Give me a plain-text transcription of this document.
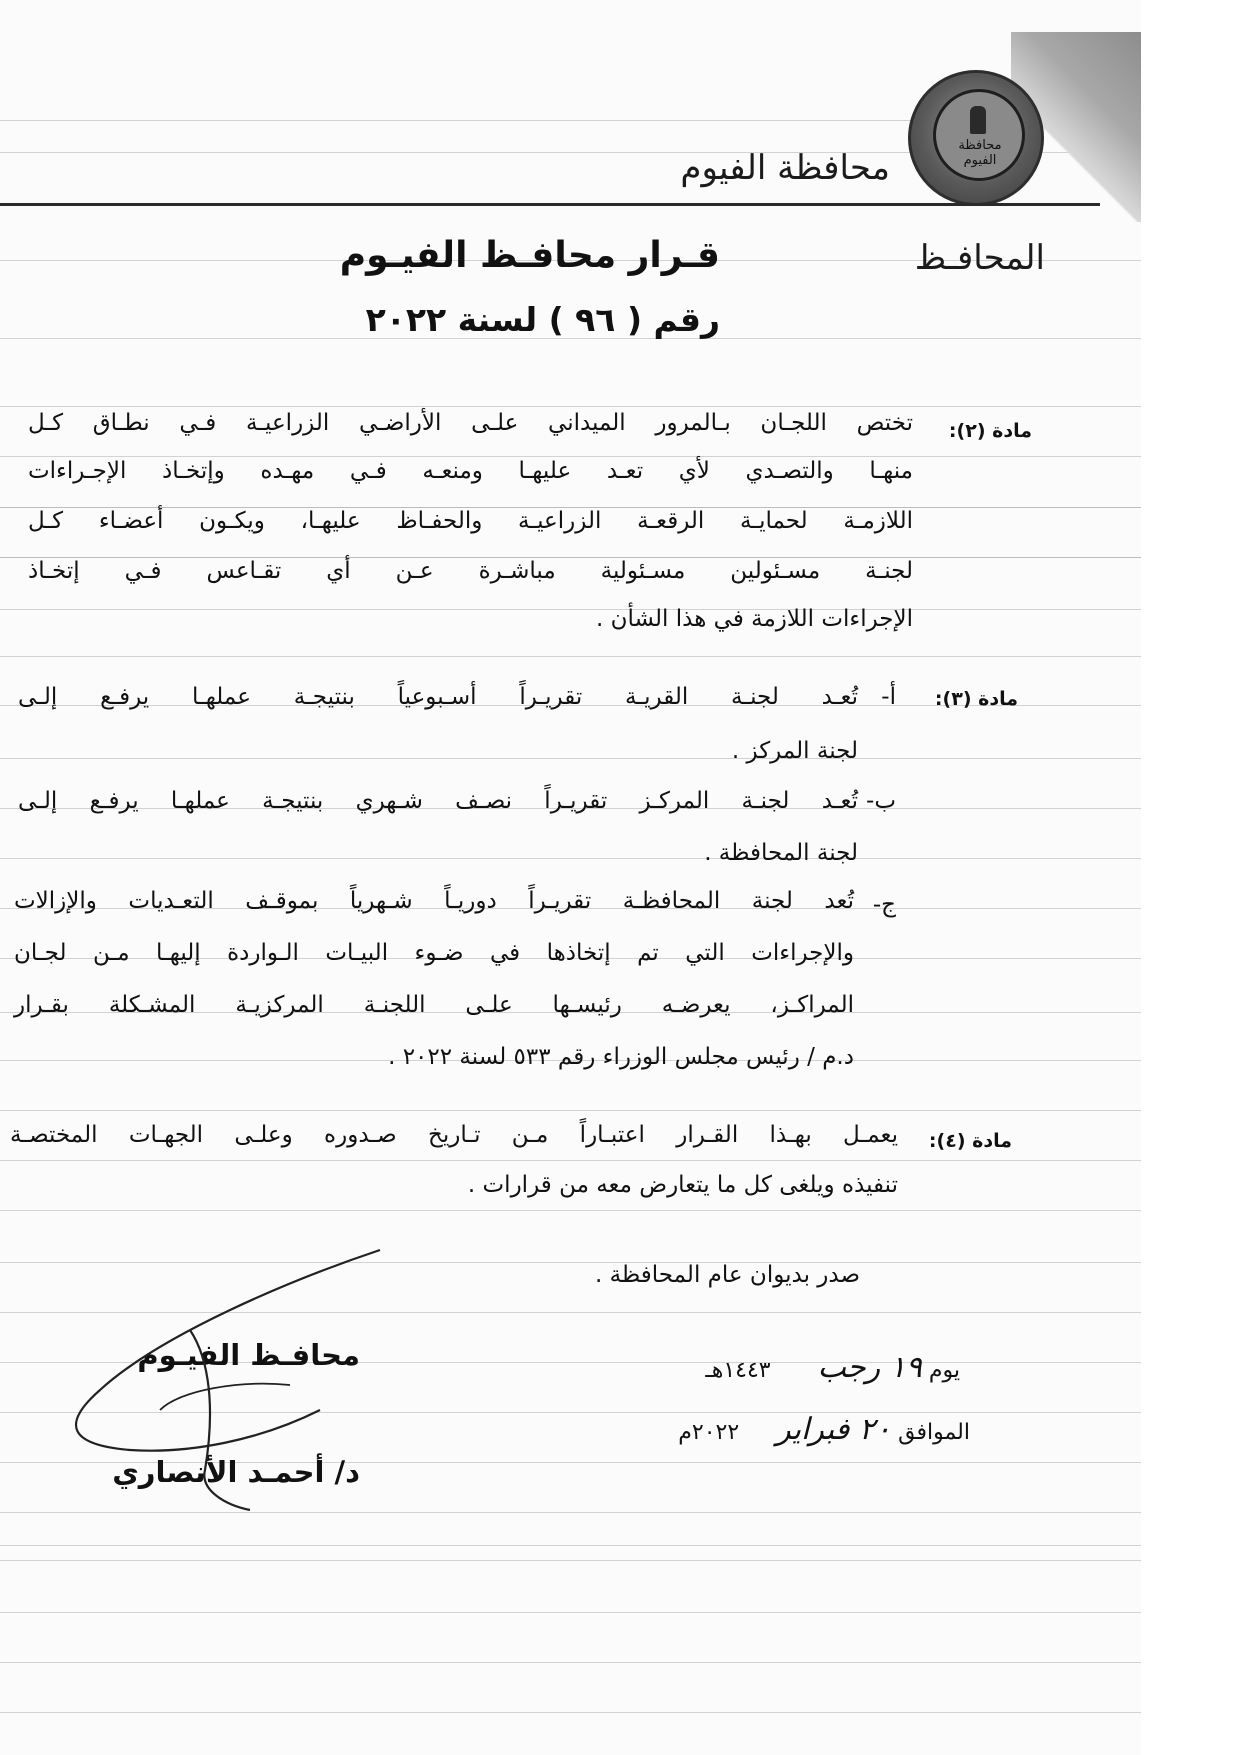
محافظة الفيوم
محافظة الفيوم
المحافـظ
قـرار محافـظ الفيـوم
رقم ( ٩٦ ) لسنة ٢٠٢٢
مادة (٢):
تختص اللجـان بـالمرور الميداني علـى الأراضـي الزراعيـة فـي نطـاق كـل
منهـا والتصـدي لأي تعـد عليهـا ومنعـه فـي مهـده وإتخـاذ الإجـراءات
اللازمـة لحمايـة الرقعـة الزراعيـة والحفـاظ عليهـا، ويكـون أعضـاء كـل
لجنـة مسـئولين مسـئولية مباشـرة عـن أي تقـاعس فـي إتخـاذ
الإجراءات اللازمة في هذا الشأن .
مادة (٣):
أ-
تُعـد لجنـة القريـة تقريـراً أسـبوعياً بنتيجـة عملهـا يرفـع إلـى
لجنة المركز .
ب-
تُعـد لجنـة المركـز تقريـراً نصـف شـهري بنتيجـة عملهـا يرفـع إلـى
لجنة المحافظة .
ج-
تُعد لجنة المحافظـة تقريـراً دوريـاً شـهرياً بموقـف التعـديات والإزالات
والإجراءات التي تم إتخاذها في ضـوء البيـات الـواردة إليهـا مـن لجـان
المراكـز، يعرضـه رئيسـها علـى اللجنـة المركزيـة المشـكلة بقـرار
د.م / رئيس مجلس الوزراء رقم ٥٣٣ لسنة ٢٠٢٢ .
مادة (٤):
يعمـل بهـذا القـرار اعتبـاراً مـن تـاريخ صـدوره وعلـى الجهـات المختصـة
تنفيذه ويلغى كل ما يتعارض معه من قرارات .
صدر بديوان عام المحافظة .
يوم ١٩ رجب ١٤٤٣هـ
الموافق ٢٠ فبراير ٢٠٢٢م
محافـظ الفيـوم
د/ أحمـد الأنصاري
